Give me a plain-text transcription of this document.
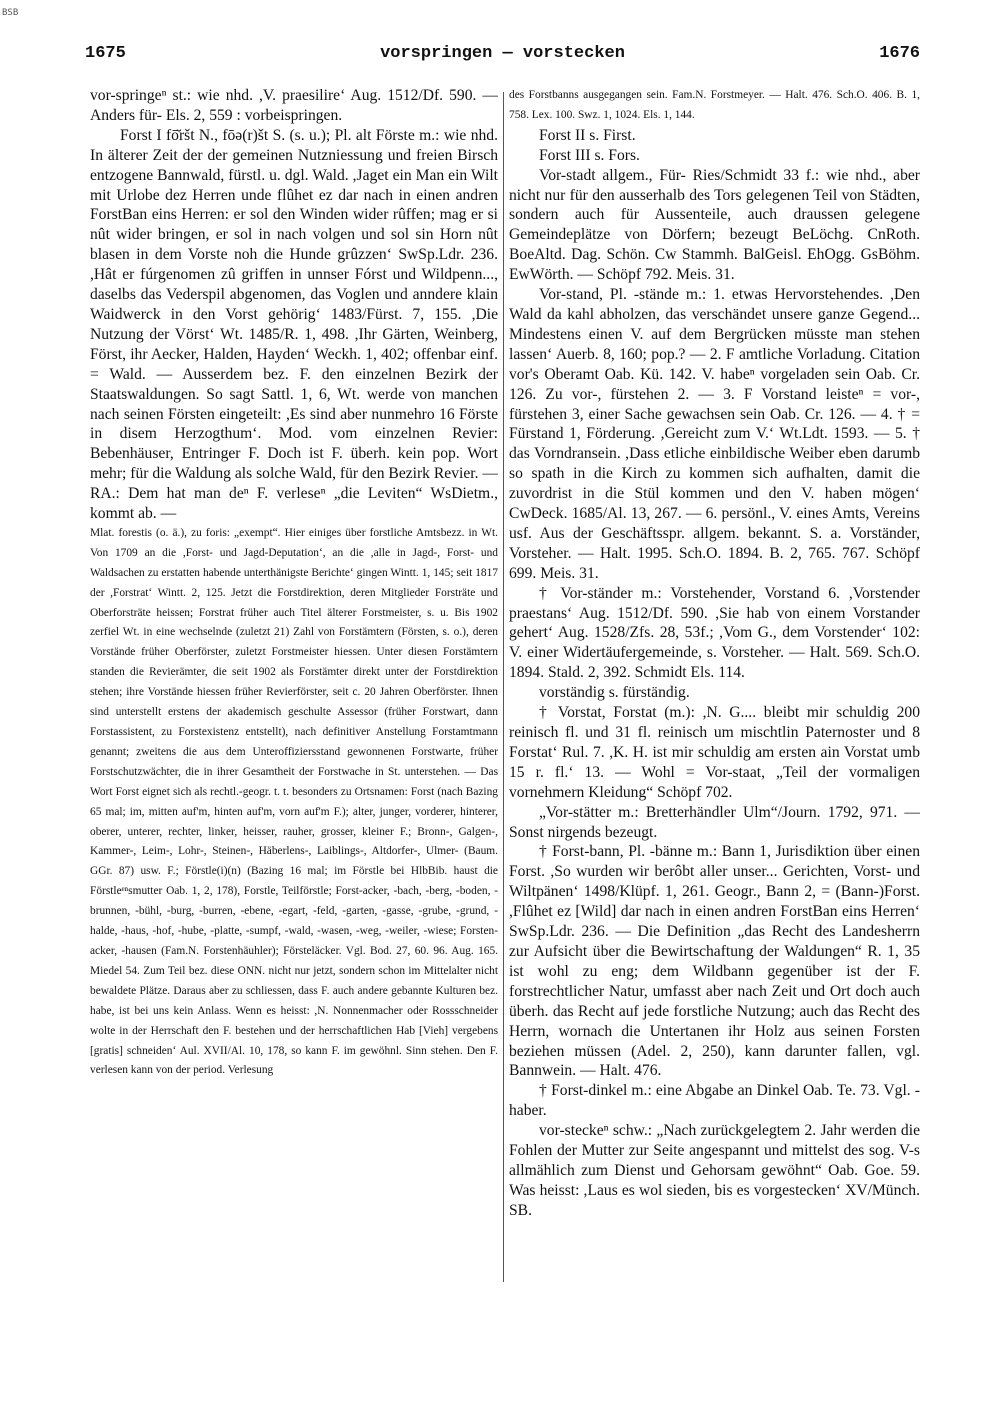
BSB
1675	vorspringen — vorstecken	1676

vor-springeⁿ st.: wie nhd. ,V. praesilire‘ Aug. 1512/Df. 590. — Anders für- Els. 2, 559 : vorbeispringen.

Forst I fō̆ršt N., fōə(r)št S. (s. u.); Pl. alt Förste m.: wie nhd. In älterer Zeit der der gemeinen Nutzniessung und freien Birsch entzogene Bannwald, fürstl. u. dgl. Wald. ,Jaget ein Man ein Wilt mit Urlobe dez Herren unde flûhet ez dar nach in einen andren ForstBan eins Herren: er sol den Winden wider rûffen; mag er si nût wider bringen, er sol in nach volgen und sol sin Horn nût blasen in dem Vorste noh die Hunde grûzzen‘ SwSp.Ldr. 236. ,Hât er fúrgenomen zû griffen in unnser Fórst und Wildpenn..., daselbs das Vederspil abgenomen, das Voglen und anndere klain Waidwerck in den Vorst gehörig‘ 1483/Fürst. 7, 155. ,Die Nutzung der Vörst‘ Wt. 1485/R. 1, 498. ,Ihr Gärten, Weinberg, Först, ihr Aecker, Halden, Hayden‘ Weckh. 1, 402; offenbar einf. = Wald. — Ausserdem bez. F. den einzelnen Bezirk der Staatswaldungen. So sagt Sattl. 1, 6, Wt. werde von manchen nach seinen Försten eingeteilt: ,Es sind aber nunmehro 16 Förste in disem Herzogthum‘. Mod. vom einzelnen Revier: Bebenhäuser, Entringer F. Doch ist F. überh. kein pop. Wort mehr; für die Waldung als solche Wald, für den Bezirk Revier. — RA.: Dem hat man deⁿ F. verleseⁿ „die Leviten“ WsDietm., kommt ab. —

Mlat. forestis (o. ä.), zu foris: „exempt“. Hier einiges über forstliche Amtsbezz. in Wt. Von 1709 an die ,Forst- und Jagd-Deputation‘, an die ,alle in Jagd-, Forst- und Waldsachen zu erstatten habende unterthänigste Berichte‘ gingen Wintt. 1, 145; seit 1817 der ,Forstrat‘ Wintt. 2, 125. Jetzt die Forstdirektion, deren Mitglieder Forsträte und Oberforsträte heissen; Forstrat früher auch Titel älterer Forstmeister, s. u. Bis 1902 zerfiel Wt. in eine wechselnde (zuletzt 21) Zahl von Forstämtern (Försten, s. o.), deren Vorstände früher Oberförster, zuletzt Forstmeister hiessen. Unter diesen Forstämtern standen die Revierämter, die seit 1902 als Forstämter direkt unter der Forstdirektion stehen; ihre Vorstände hiessen früher Revierförster, seit c. 20 Jahren Oberförster. Ihnen sind unterstellt erstens der akademisch geschulte Assessor (früher Forstwart, dann Forstassistent, zu Forstexistenz entstellt), nach definitiver Anstellung Forstamtmann genannt; zweitens die aus dem Unteroffiziersstand gewonnenen Forstwarte, früher Forstschutzwächter, die in ihrer Gesamtheit der Forstwache in St. unterstehen. — Das Wort Forst eignet sich als rechtl.-geogr. t. t. besonders zu Ortsnamen: Forst (nach Bazing 65 mal; im, mitten auf'm, hinten auf'm, vorn auf'm F.); alter, junger, vorderer, hinterer, oberer, unterer, rechter, linker, heisser, rauher, grosser, kleiner F.; Bronn-, Galgen-, Kammer-, Leim-, Lohr-, Steinen-, Häberlens-, Laiblings-, Altdorfer-, Ulmer- (Baum. GGr. 87) usw. F.; Förstle(i)(n) (Bazing 16 mal; im Förstle bei HlbBib. haust die Förstleᵉⁿsmutter Oab. 1, 2, 178), Forstle, Teilförstle; Forst-acker, -bach, -berg, -boden, -brunnen, -bühl, -burg, -burren, -ebene, -egart, -feld, -garten, -gasse, -grube, -grund, -halde, -haus, -hof, -hube, -platte, -sumpf, -wald, -wasen, -weg, -weiler, -wiese; Forsten-acker, -hausen (Fam.N. Forstenhäuhler); Försteläcker. Vgl. Bod. 27, 60. 96. Aug. 165. Miedel 54. Zum Teil bez. diese ONN. nicht nur jetzt, sondern schon im Mittelalter nicht bewaldete Plätze. Daraus aber zu schliessen, dass F. auch andere gebannte Kulturen bez. habe, ist bei uns kein Anlass. Wenn es heisst: ,N. Nonnenmacher oder Rossschneider wolte in der Herrschaft den F. bestehen und der herrschaftlichen Hab [Vieh] vergebens [gratis] schneiden‘ Aul. XVII/Al. 10, 178, so kann F. im gewöhnl. Sinn stehen. Den F. verlesen kann von der period. Verlesung

des Forstbanns ausgegangen sein. Fam.N. Forstmeyer. — Halt. 476. Sch.O. 406. B. 1, 758. Lex. 100. Swz. 1, 1024. Els. 1, 144.

Forst II s. First.

Forst III s. Fors.

Vor-stadt allgem., Für- Ries/Schmidt 33 f.: wie nhd., aber nicht nur für den ausserhalb des Tors gelegenen Teil von Städten, sondern auch für Aussenteile, auch draussen gelegene Gemeindeplätze von Dörfern; bezeugt BeLöchg. CnRoth. BoeAltd. Dag. Schön. Cw Stammh. BalGeisl. EhOgg. GsBöhm. EwWörth. — Schöpf 792. Meis. 31.

Vor-stand, Pl. -stände m.: 1. etwas Hervorstehendes. ,Den Wald da kahl abholzen, das verschändet unsere ganze Gegend... Mindestens einen V. auf dem Bergrücken müsste man stehen lassen‘ Auerb. 8, 160; pop.? — 2. F amtliche Vorladung. Citation vor's Oberamt Oab. Kü. 142. V. habeⁿ vorgeladen sein Oab. Cr. 126. Zu vor-, fürstehen 2. — 3. F Vorstand leisteⁿ = vor-, fürstehen 3, einer Sache gewachsen sein Oab. Cr. 126. — 4. † = Fürstand 1, Förderung. ,Gereicht zum V.‘ Wt.Ldt. 1593. — 5. † das Vorndransein. ,Dass etliche einbildische Weiber eben darumb so spath in die Kirch zu kommen sich aufhalten, damit die zuvordrist in die Stül kommen und den V. haben mögen‘ CwDeck. 1685/Al. 13, 267. — 6. persönl., V. eines Amts, Vereins usf. Aus der Geschäftsspr. allgem. bekannt. S. a. Vorständer, Vorsteher. — Halt. 1995. Sch.O. 1894. B. 2, 765. 767. Schöpf 699. Meis. 31.

† Vor-ständer m.: Vorstehender, Vorstand 6. ,Vorstender praestans‘ Aug. 1512/Df. 590. ,Sie hab von einem Vorstander gehert‘ Aug. 1528/Zfs. 28, 53f.; ,Vom G., dem Vorstender‘ 102: V. einer Widertäufergemeinde, s. Vorsteher. — Halt. 569. Sch.O. 1894. Stald. 2, 392. Schmidt Els. 114.

vorständig s. fürständig.

† Vorstat, Forstat (m.): ,N. G.... bleibt mir schuldig 200 reinisch fl. und 31 fl. reinisch um mischtlin Paternoster und 8 Forstat‘ Rul. 7. ,K. H. ist mir schuldig am ersten ain Vorstat umb 15 r. fl.‘ 13. — Wohl = Vor-staat, „Teil der vormaligen vornehmern Kleidung“ Schöpf 702.

„Vor-stätter m.: Bretterhändler Ulm“/Journ. 1792, 971. — Sonst nirgends bezeugt.

† Forst-bann, Pl. -bänne m.: Bann 1, Jurisdiktion über einen Forst. ,So wurden wir berôbt aller unser... Gerichten, Vorst- und Wiltpänen‘ 1498/Klüpf. 1, 261. Geogr., Bann 2, = (Bann-)Forst. ,Flûhet ez [Wild] dar nach in einen andren ForstBan eins Herren‘ SwSp.Ldr. 236. — Die Definition „das Recht des Landesherrn zur Aufsicht über die Bewirtschaftung der Waldungen“ R. 1, 35 ist wohl zu eng; dem Wildbann gegenüber ist der F. forstrechtlicher Natur, umfasst aber nach Zeit und Ort doch auch überh. das Recht auf jede forstliche Nutzung; auch das Recht des Herrn, wornach die Untertanen ihr Holz aus seinen Forsten beziehen müssen (Adel. 2, 250), kann darunter fallen, vgl. Bannwein. — Halt. 476.

† Forst-dinkel m.: eine Abgabe an Dinkel Oab. Te. 73. Vgl. -haber.

vor-steckeⁿ schw.: „Nach zurückgelegtem 2. Jahr werden die Fohlen der Mutter zur Seite angespannt und mittelst des sog. V-s allmählich zum Dienst und Gehorsam gewöhnt“ Oab. Goe. 59. Was heisst: ,Laus es wol sieden, bis es vorgestecken‘ XV/Münch. SB.
